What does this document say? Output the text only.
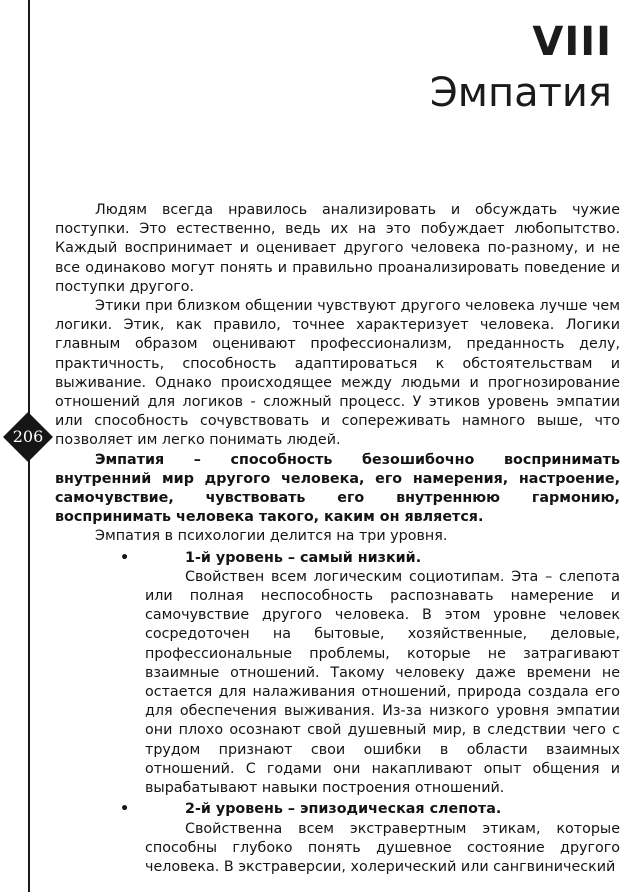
206
VIII
Эмпатия

Людям всегда нравилось анализировать и обсуждать чужие поступки. Это естественно, ведь их на это побуждает любопытство. Каждый воспринимает и оценивает другого человека по-разному, и не все одинаково могут понять и правильно проанализировать поведение и поступки другого.

Этики при близком общении чувствуют другого человека лучше чем логики. Этик, как правило, точнее характеризует человека. Логики главным образом оценивают профессионализм, преданность делу, практичность, способность адаптироваться к обстоятельствам и выживание. Однако происходящее между людьми и прогнозирование отношений для логиков - сложный процесс. У этиков уровень эмпатии или способность сочувствовать и сопереживать намного выше, что позволяет им легко понимать людей.

Эмпатия – способность безошибочно воспринимать внутренний мир другого человека, его намерения, настроение, самочувствие, чувствовать его внутреннюю гармонию, воспринимать человека такого, каким он является.

Эмпатия в психологии делится на три уровня.

•	1-й уровень – самый низкий.

Свойствен всем логическим социотипам. Эта – слепота или полная неспособность распознавать намерение и самочувствие другого человека. В этом уровне человек сосредоточен на бытовые, хозяйственные, деловые, профессиональные проблемы, которые не затрагивают взаимные отношений. Такому человеку даже времени не остается для налаживания отношений, природа создала его для обеспечения выживания. Из-за низкого уровня эмпатии они плохо осознают свой душевный мир, в следствии чего с трудом признают свои ошибки в области взаимных отношений. С годами они накапливают опыт общения и вырабатывают навыки построения отношений.

•	2-й уровень – эпизодическая слепота.

Свойственна всем экстравертным этикам, которые способны глубоко понять душевное состояние другого человека. В экстраверсии, холерический или сангвинический
